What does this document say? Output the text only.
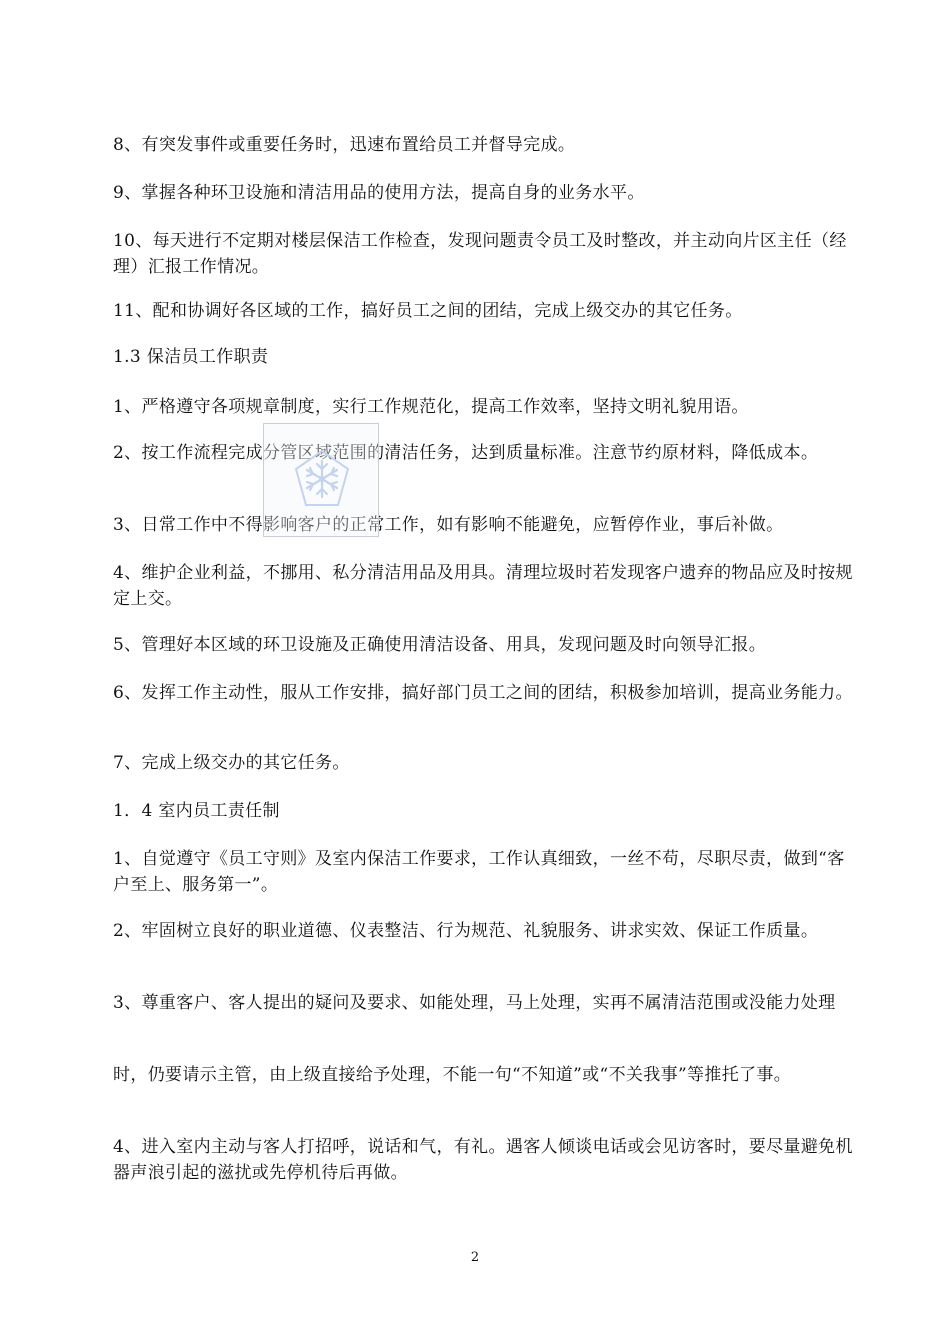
8、有突发事件或重要任务时，迅速布置给员工并督导完成。

9、掌握各种环卫设施和清洁用品的使用方法，提高自身的业务水平。

10、每天进行不定期对楼层保洁工作检查，发现问题责令员工及时整改，并主动向片区主任（经理）汇报工作情况。

11、配和协调好各区域的工作，搞好员工之间的团结，完成上级交办的其它任务。

1.3 保洁员工作职责

1、严格遵守各项规章制度，实行工作规范化，提高工作效率，坚持文明礼貌用语。

2、按工作流程完成分管区域范围的清洁任务，达到质量标准。注意节约原材料，降低成本。

3、日常工作中不得影响客户的正常工作，如有影响不能避免，应暂停作业，事后补做。

4、维护企业利益，不挪用、私分清洁用品及用具。清理垃圾时若发现客户遗弃的物品应及时按规定上交。

5、管理好本区域的环卫设施及正确使用清洁设备、用具，发现问题及时向领导汇报。

6、发挥工作主动性，服从工作安排，搞好部门员工之间的团结，积极参加培训，提高业务能力。

7、完成上级交办的其它任务。

1．4 室内员工责任制

1、自觉遵守《员工守则》及室内保洁工作要求，工作认真细致，一丝不苟，尽职尽责，做到“客户至上、服务第一”。

2、牢固树立良好的职业道德、仪表整洁、行为规范、礼貌服务、讲求实效、保证工作质量。

3、尊重客户、客人提出的疑问及要求、如能处理，马上处理，实再不属清洁范围或没能力处理

时，仍要请示主管，由上级直接给予处理，不能一句“不知道”或“不关我事”等推托了事。

4、进入室内主动与客人打招呼，说话和气，有礼。遇客人倾谈电话或会见访客时，要尽量避免机器声浪引起的滋扰或先停机待后再做。

2
